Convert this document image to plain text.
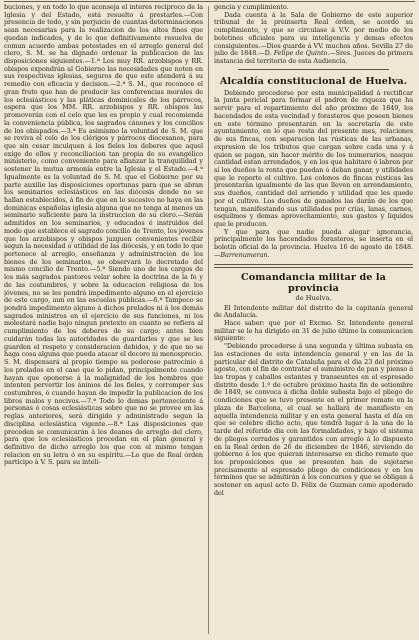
buciones, y en todo lo que aconseja el interes recíproco de la Iglesia y del Estado, está resuelto á prestarles.—Con presencia de todo, y sin perjuicio de cuantas determinaciones sean necesarias para la realizacion de los altos fines que quedan indicados, y de lo que definitivamente resuelva de comun acuerdo ambas potestades en el arreglo general del clero, S. M. se ha dignado ordenar la publicacion de las disposiciones siguientes.—1.ª Los muy RR. arzobispos y RR. obispos expondrán al Gobierno las necesidades que noten en sus respectivas iglesias, seguros de que este atenderá á su remedio con eficacia y decision.—2.ª S. M., que reconoce el gran fruto que han de producir las conferencias morales de los eclesiásticos y las pláticas dominicales de los párrocos, espera que los MM. RR. arzobispos y RR. obispos las promoverán con el celo que les es propio y cual recomienda la conveniencia pública, los sagrados cánones y los concilios de los obispados.—3.ª Es asimismo la voluntad de S. M. que se reviva el celo de los clérigos y párrocos diocesanos, para que sin cesar inculquen á los fieles los deberes que aquel exige de ellos y reconciliacion tan propia de su evangélico ministerio, como conveniente para afianzar la tranquilidad y sostener la mutua armonía entre la Iglesia y el Estado.—4.ª Igualmente es la voluntad de S. M. que el Gobierno por su parte auxilie las disposiciones oportunas para que se abran los seminarios eclesiásticos en las diócesis donde no se hallan establecidos, á fin de que en lo sucesivo no haya en las dominicas españolas iglesia alguna que no tenga al menos un seminario suficiente para la instruccion de su clero.—Serán admitidos en los seminarios, y educados é instruidos del modo que establece el sagrado concilio de Trento, los jóvenes que los arzobispos y obispos juzguen convenientes recibir segun la necesidad ó utilidad de las diócesis, y en todo lo que pertenece al arreglo, enseñanza y administracion de los bienes de los seminarios, se observará lo decretado del mismo concilio de Trento.—5.ª Siendo uno de los cargos de los más sagrados pastores velar sobre la doctrina de la fe y de las costumbres, y sobre la educacion religiosa de los jóvenes, no se les pondrá impedimento alguno en el ejercicio de este cargo, aun en las escuelas públicas.—6.ª Tampoco se pondrá impedimento alguno á dichos prelados ni á los demás sagrados ministros en el ejercicio de sus funciones, ni los molestará nadie bajo ningun pretexto en cuanto se refiera al cumplimiento de los deberes de su cargo; antes bien cuidarán todas las autoridades de guardarles y que se les guarden el respeto y consideracion debidos, y de que no se haga cosa alguna que pueda atacar el decoro ni menosprecio. S. M. dispensará al propio tiempo su poderoso patrocinio á los prelados en el caso que lo pidan, principalmente cuando hayan que oponerse á la malignidad de los hombres que intenten pervertir los ánimos de los fieles, y corromper sus costumbres, ó cuando hayan de impedir la publicacion de los libros malos y nocivos.—7.ª Todo lo demas perteneciente á personas ó cosas eclesiásticas sobre que no se provee en las reglas anteriores, será dirigido y administrado segun la disciplina eclesiástica vigente.—8.ª Las disposiciones que preceden se comunicarán á los deanes de arreglo del clero, para que los eclesiásticos procedan en el plan general y definitivo de dicho arreglo los que con el mismo tengan relacion en su letra ó en su espíritu.—Lo que de Real órden participo á V. S. para su inteli-

gencia y cumplimiento.

Dada cuenta á la Sala de Gobierno de este superior tribunal de la preinserta Real órden, se acordó su cumplimiento, y que se circulase á V.V. por medio de los boletines oficiales para su inteligencia y demas efectos consiguientes.—Dios guarde á VV. muchos años. Sevilla 27 de julio de 1848.—D. Felipe de Quinto.—Sres. Jueces de primera instancia del territorio de esta Audiencia.

Alcaldía constitucional de Huelva.

Debiendo procederse por esta municipalidad á rectificar la junta pericial para formar el padron de riqueza que ha servir para el repartimiento del año próximo de 1849, los hacendados de esta vecindad y forasteros que poseen bienes en este término presentarán en la secretaría de este ayuntamiento, en lo que resta del presente mes, relaciones de sus fincas, con separacion las rústicas de las urbanas, expresion de los tributos que cargan sobre cada una y á quien se pagan, sin hacer mérito de los numerarios, nasque cantidad estan arrendados, y en los que habitare ó labren por sí los dueños la renta que puedan ó deban ganar, y utilidades que le reporte el cultivo. Los colonos de fincas rústicas las presentarán igualmente de las que lleven en arrendamiento, sus dueños, cantidad del arriendo y utilidad que les quede por el cultivo. Los dueños de ganados las darán de los que tengan, manifestando sus utilidades por crías, lanas, carnes, esquilmos y demas aprovechamiento, sus gastos y liquidos que le producen.

Y que para que nadie pueda alegar ignorancia, principalmente los hacendados forasteros, se inserta en el boletin oficial de la provincia. Huelva 16 de agosto de 1848.—Barrenumeran.

Comandancia militar de la provincia

de Huelva.

El Intendente militar del distrito de la capitanía general de Andalucía.

Hace saber: que por el Excmo. Sr. Intendente general militar se le ha dirigido en 31 de julio último la comunicacion siguiente:

"Debiendo procederse á una segunda y última subasta en las estaciones de esta intendencia general y en las de la particular del distrito de Cataluña para el dia 23 del próximo agosto, con el fin de contratar el suministro de pan y pienso á las tropas y caballos estantes y transeuntes en el espresado distrito desde 1.º de octubre próximo hasta fin de setiembre de 1849, se convoca á dicha doble subasta bajo el pliego de condiciones que se tuvo presente en el primer remate en la plaza de Barcelona, el cual se hallará de manifiesto en aquella intendencia militar y en esta general hasta el día en que se celebre dicho acto, que tendrá lugar á la una de la tarde del referido dia con las formalidades, y bajo el sistema de pliegos cerrados y garantidos con arreglo á lo dispuesto en la Real órden de 26 de diciembre de 1846, sirviendo de gobierno á los que quieran interesarse en dicho remate que los proposiciones que se presenten han de sujetarse precisamente al espresado pliego de condiciones y en los términos que se admitirán á los concursos y que se obligan á sostener en aquel acto D. Félix de Guzman como apoderado del
